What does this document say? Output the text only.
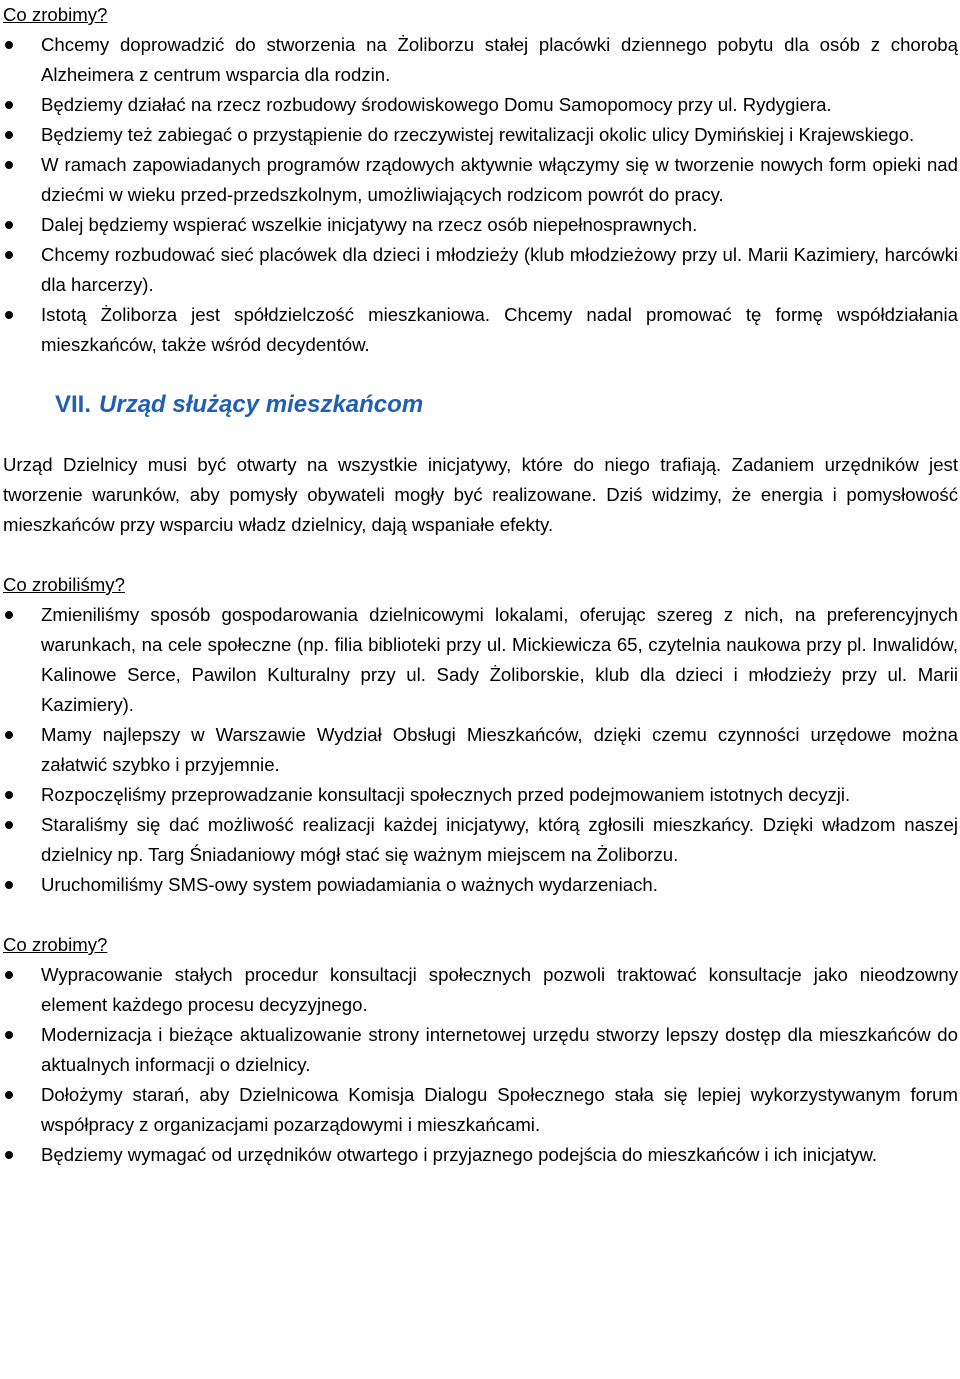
Co zrobimy?

Chcemy doprowadzić do stworzenia na Żoliborzu stałej placówki dziennego pobytu dla osób z chorobą Alzheimera z centrum wsparcia dla rodzin.
Będziemy działać na rzecz rozbudowy środowiskowego Domu Samopomocy przy ul. Rydygiera.
Będziemy też zabiegać o przystąpienie do rzeczywistej rewitalizacji okolic ulicy Dymińskiej i Krajewskiego.
W ramach zapowiadanych programów rządowych aktywnie włączymy się w tworzenie nowych form opieki nad dziećmi w wieku przed-przedszkolnym, umożliwiających rodzicom powrót do pracy.
Dalej będziemy wspierać wszelkie inicjatywy na rzecz osób niepełnosprawnych.
Chcemy rozbudować sieć placówek dla dzieci i młodzieży (klub młodzieżowy przy ul. Marii Kazimiery, harcówki dla harcerzy).
Istotą Żoliborza jest spółdzielczość mieszkaniowa. Chcemy nadal promować tę formę współdziałania mieszkańców, także wśród decydentów.
VII. Urząd służący mieszkańcom

Urząd Dzielnicy musi być otwarty na wszystkie inicjatywy, które do niego trafiają. Zadaniem urzędników jest tworzenie warunków, aby pomysły obywateli mogły być realizowane. Dziś widzimy, że energia i pomysłowość mieszkańców przy wsparciu władz dzielnicy, dają wspaniałe efekty.

Co zrobiliśmy?

Zmieniliśmy sposób gospodarowania dzielnicowymi lokalami, oferując szereg z nich, na preferencyjnych warunkach, na cele społeczne (np. filia biblioteki przy ul. Mickiewicza 65, czytelnia naukowa przy pl. Inwalidów, Kalinowe Serce, Pawilon Kulturalny przy ul. Sady Żoliborskie, klub dla dzieci i młodzieży przy ul. Marii Kazimiery).
Mamy najlepszy w Warszawie Wydział Obsługi Mieszkańców, dzięki czemu czynności urzędowe można załatwić szybko i przyjemnie.
Rozpoczęliśmy przeprowadzanie konsultacji społecznych przed podejmowaniem istotnych decyzji.
Staraliśmy się dać możliwość realizacji każdej inicjatywy, którą zgłosili mieszkańcy. Dzięki władzom naszej dzielnicy np. Targ Śniadaniowy mógł stać się ważnym miejscem na Żoliborzu.
Uruchomiliśmy SMS-owy system powiadamiania o ważnych wydarzeniach.

Co zrobimy?

Wypracowanie stałych procedur konsultacji społecznych pozwoli traktować konsultacje jako nieodzowny element każdego procesu decyzyjnego.
Modernizacja i bieżące aktualizowanie strony internetowej urzędu stworzy lepszy dostęp dla mieszkańców do aktualnych informacji o dzielnicy.
Dołożymy starań, aby Dzielnicowa Komisja Dialogu Społecznego stała się lepiej wykorzystywanym forum współpracy z organizacjami pozarządowymi i mieszkańcami.
Będziemy wymagać od urzędników otwartego i przyjaznego podejścia do mieszkańców i ich inicjatyw.
